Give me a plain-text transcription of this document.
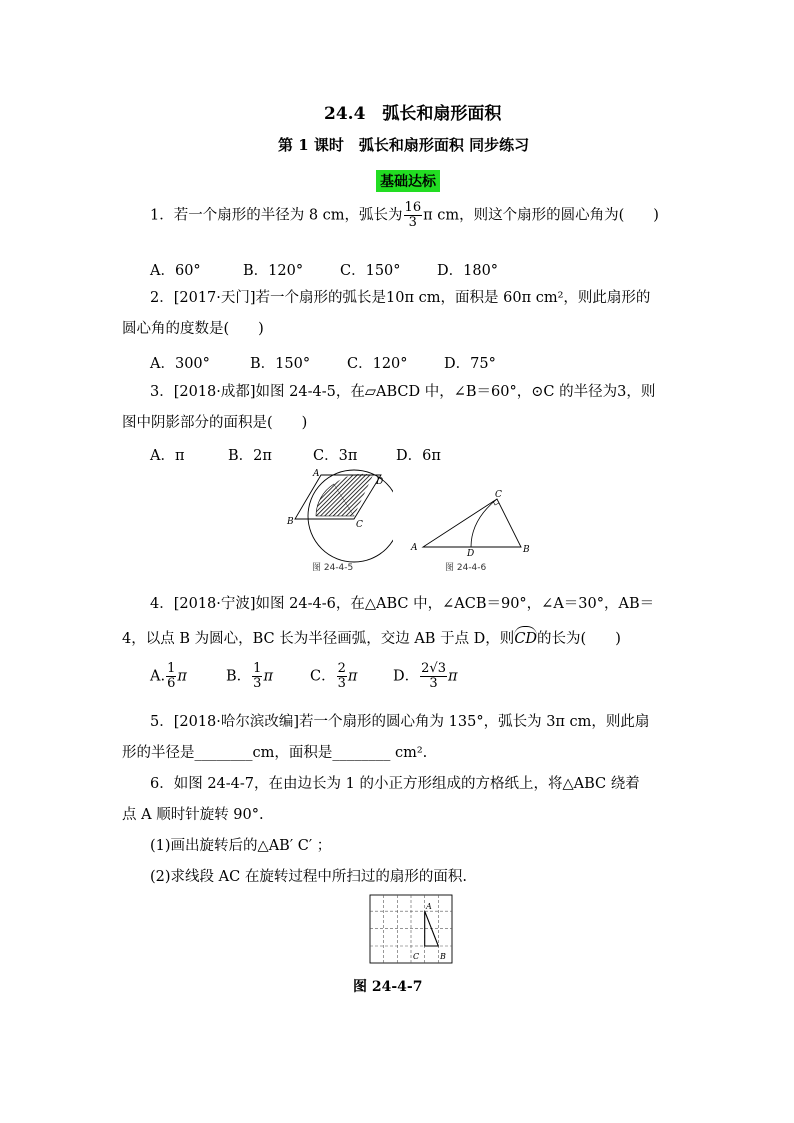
24.4　弧长和扇形面积
第 1 课时　弧长和扇形面积 同步练习
基础达标
1．若一个扇形的半径为 8 cm，弧长为 $\frac{16}{3}$ π cm，则这个扇形的圆心角为(　　)
A．60°	B．120°	C．150°	D．180°
2．[2017·天门]若一个扇形的弧长是10π cm，面积是 60π cm²，则此扇形的
圆心角的度数是(　　)
A．300°	B．150°	C．120°	D．75°
3．[2018·成都]如图 24-4-5，在▱ABCD 中，∠B＝60°，⊙C 的半径为3，则
图中阴影部分的面积是(　　)
A．π	B．2π	C．3π	D．6π
A
D
B	C
图 24-4-5
C
A
D	B
图 24-4-6
4．[2018·宁波]如图 24-4-6，在△ABC 中，∠ACB＝90°，∠A＝30°，AB＝
4，以点 B 为圆心，BC 长为半径画弧，交边 AB 于点 D，则CD的长为(　　)
A. $\frac{1}{6}$ π	B． $\frac{1}{3}$ π	C． $\frac{2}{3}$ π D． $\frac{2√3}{3}$ π
5．[2018·哈尔滨改编]若一个扇形的圆心角为 135°，弧长为 3π cm，则此扇
形的半径是________cm，面积是________ cm².
6．如图 24-4-7，在由边长为 1 的小正方形组成的方格纸上，将△ABC 绕着
点 A 顺时针旋转 90°.
(1)画出旋转后的△AB′ C′ ；
(2)求线段 AC 在旋转过程中所扫过的扇形的面积.
A
C	B
图 24-4-7
